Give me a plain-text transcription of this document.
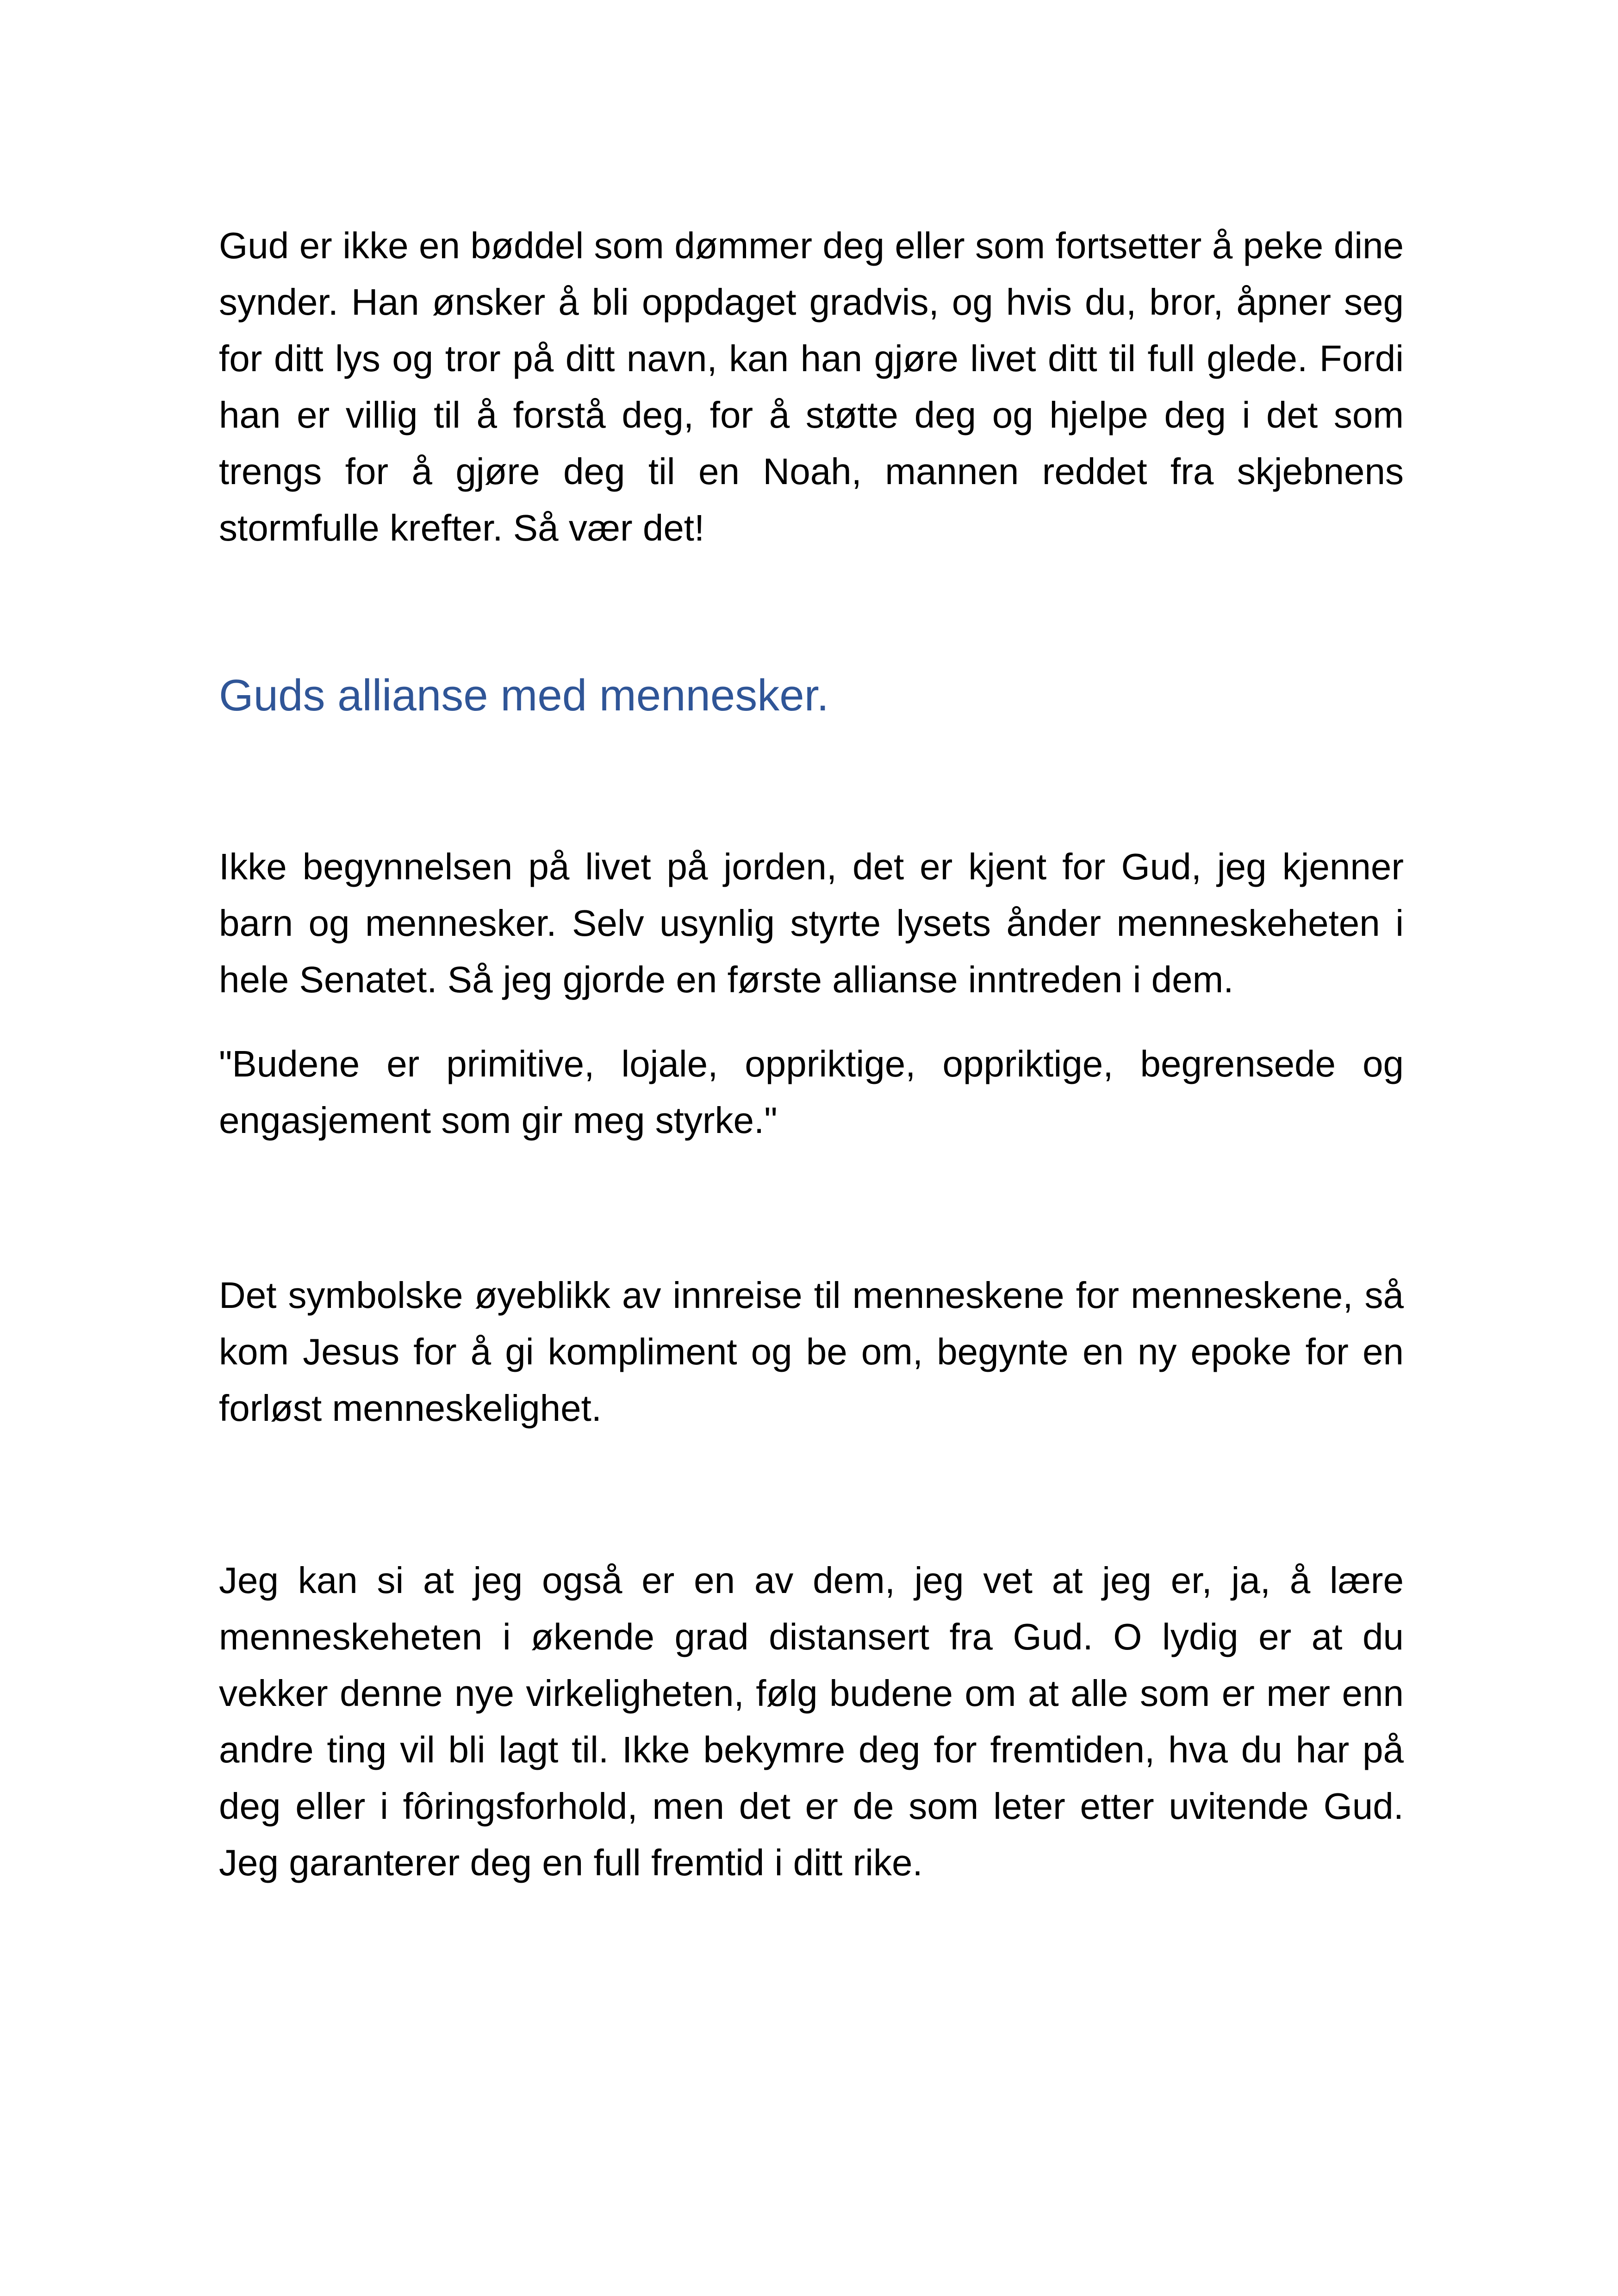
Gud er ikke en bøddel som dømmer deg eller som fortsetter å peke dine synder. Han ønsker å bli oppdaget gradvis, og hvis du, bror, åpner seg for ditt lys og tror på ditt navn, kan han gjøre livet ditt til full glede. Fordi han er villig til å forstå deg, for å støtte deg og hjelpe deg i det som trengs for å gjøre deg til en Noah, mannen reddet fra skjebnens stormfulle krefter. Så vær det!

Guds allianse med mennesker.

Ikke begynnelsen på livet på jorden, det er kjent for Gud, jeg kjenner barn og mennesker. Selv usynlig styrte lysets ånder menneskeheten i hele Senatet. Så jeg gjorde en første allianse inntreden i dem.

"Budene er primitive, lojale, oppriktige, oppriktige, begrensede og engasjement som gir meg styrke."

Det symbolske øyeblikk av innreise til menneskene for menneskene, så kom Jesus for å gi kompliment og be om, begynte en ny epoke for en forløst menneskelighet.

Jeg kan si at jeg også er en av dem, jeg vet at jeg er, ja, å lære menneskeheten i økende grad distansert fra Gud. O lydig er at du vekker denne nye virkeligheten, følg budene om at alle som er mer enn andre ting vil bli lagt til. Ikke bekymre deg for fremtiden, hva du har på deg eller i fôringsforhold, men det er de som leter etter uvitende Gud. Jeg garanterer deg en full fremtid i ditt rike.
